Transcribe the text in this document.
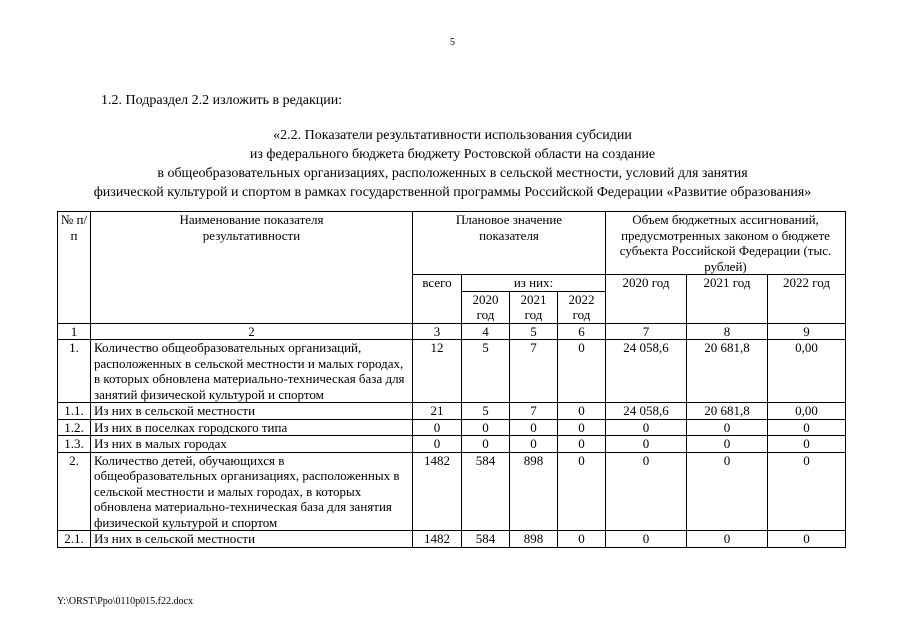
5
1.2. Подраздел 2.2 изложить в редакции:
«2.2. Показатели результативности использования субсидии
из федерального бюджета бюджету Ростовской области на создание
в общеобразовательных организациях, расположенных в сельской местности, условий для занятия
физической культурой и спортом в рамках государственной программы Российской Федерации «Развитие образования»
№ п/п	Наименование показателя результативности	Плановое значение показателя				Объем бюджетных ассигнований, предусмотренных законом о бюджете субъекта Российской Федерации (тыс. рублей)		
		всего	из них:			2020 год	2021 год	2022 год
			2020 год	2021 год	2022 год			
1	2	3	4	5	6	7	8	9
1.	Количество общеобразовательных организаций, расположенных в сельской местности и малых городах, в которых обновлена материально-техническая база для занятий физической культурой и спортом	12	5	7	0	24 058,6	20 681,8	0,00
1.1.	Из них в сельской местности	21	5	7	0	24 058,6	20 681,8	0,00
1.2.	Из них в поселках городского типа	0	0	0	0	0	0	0
1.3.	Из них в малых городах	0	0	0	0	0	0	0
2.	Количество детей, обучающихся в общеобразовательных организациях, расположенных в сельской местности и малых городах, в которых обновлена материально-техническая база для занятия физической культурой и спортом	1482	584	898	0	0	0	0
2.1.	Из них в сельской местности	1482	584	898	0	0	0	0
Y:\ORST\Ppo\0110p015.f22.docx
